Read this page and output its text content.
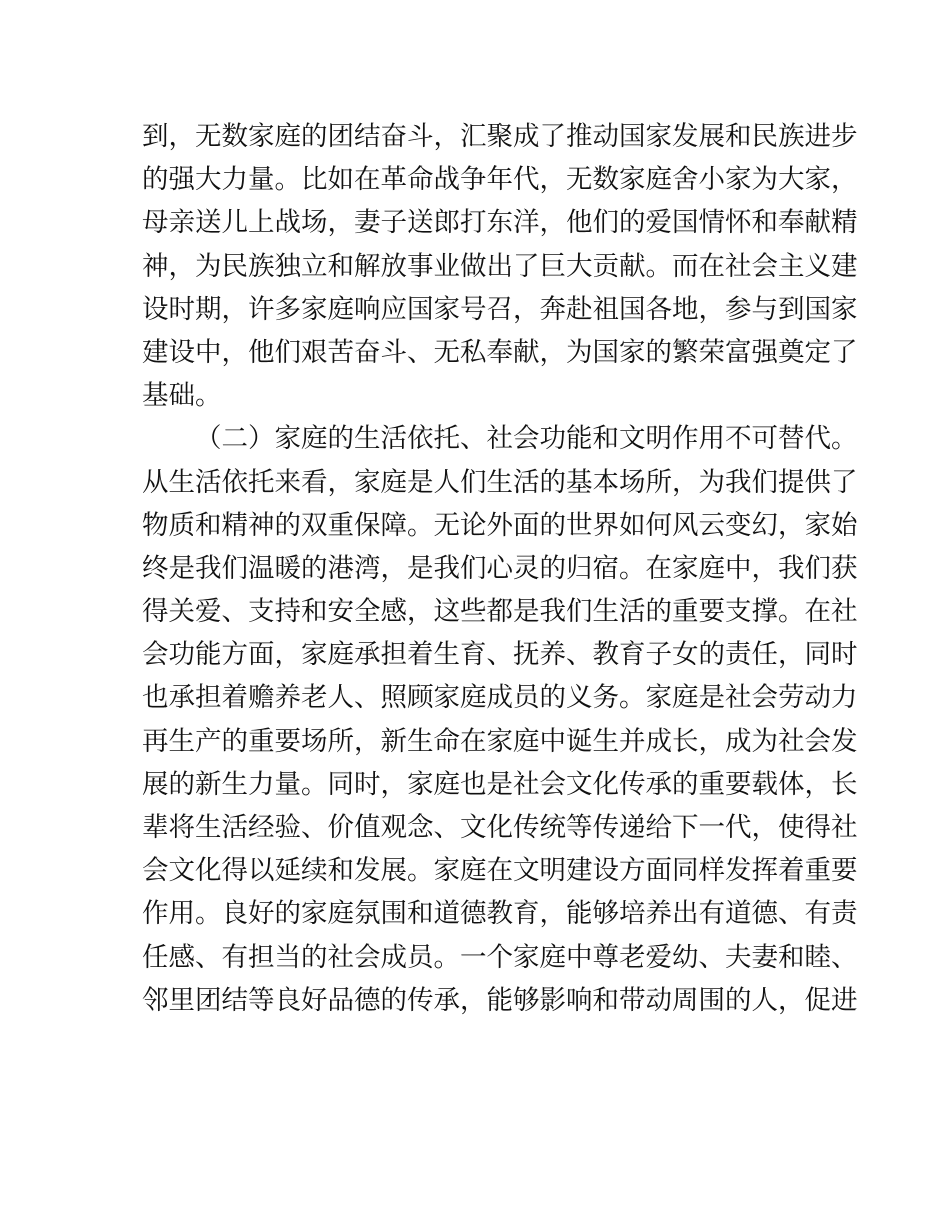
到，无数家庭的团结奋斗，汇聚成了推动国家发展和民族进步
的强大力量。比如在革命战争年代，无数家庭舍小家为大家，
母亲送儿上战场，妻子送郎打东洋，他们的爱国情怀和奉献精
神，为民族独立和解放事业做出了巨大贡献。而在社会主义建
设时期，许多家庭响应国家号召，奔赴祖国各地，参与到国家
建设中，他们艰苦奋斗、无私奉献，为国家的繁荣富强奠定了
基础。
（二）家庭的生活依托、社会功能和文明作用不可替代。
从生活依托来看，家庭是人们生活的基本场所，为我们提供了
物质和精神的双重保障。无论外面的世界如何风云变幻，家始
终是我们温暖的港湾，是我们心灵的归宿。在家庭中，我们获
得关爱、支持和安全感，这些都是我们生活的重要支撑。在社
会功能方面，家庭承担着生育、抚养、教育子女的责任，同时
也承担着赡养老人、照顾家庭成员的义务。家庭是社会劳动力
再生产的重要场所，新生命在家庭中诞生并成长，成为社会发
展的新生力量。同时，家庭也是社会文化传承的重要载体，长
辈将生活经验、价值观念、文化传统等传递给下一代，使得社
会文化得以延续和发展。家庭在文明建设方面同样发挥着重要
作用。良好的家庭氛围和道德教育，能够培养出有道德、有责
任感、有担当的社会成员。一个家庭中尊老爱幼、夫妻和睦、
邻里团结等良好品德的传承，能够影响和带动周围的人，促进
